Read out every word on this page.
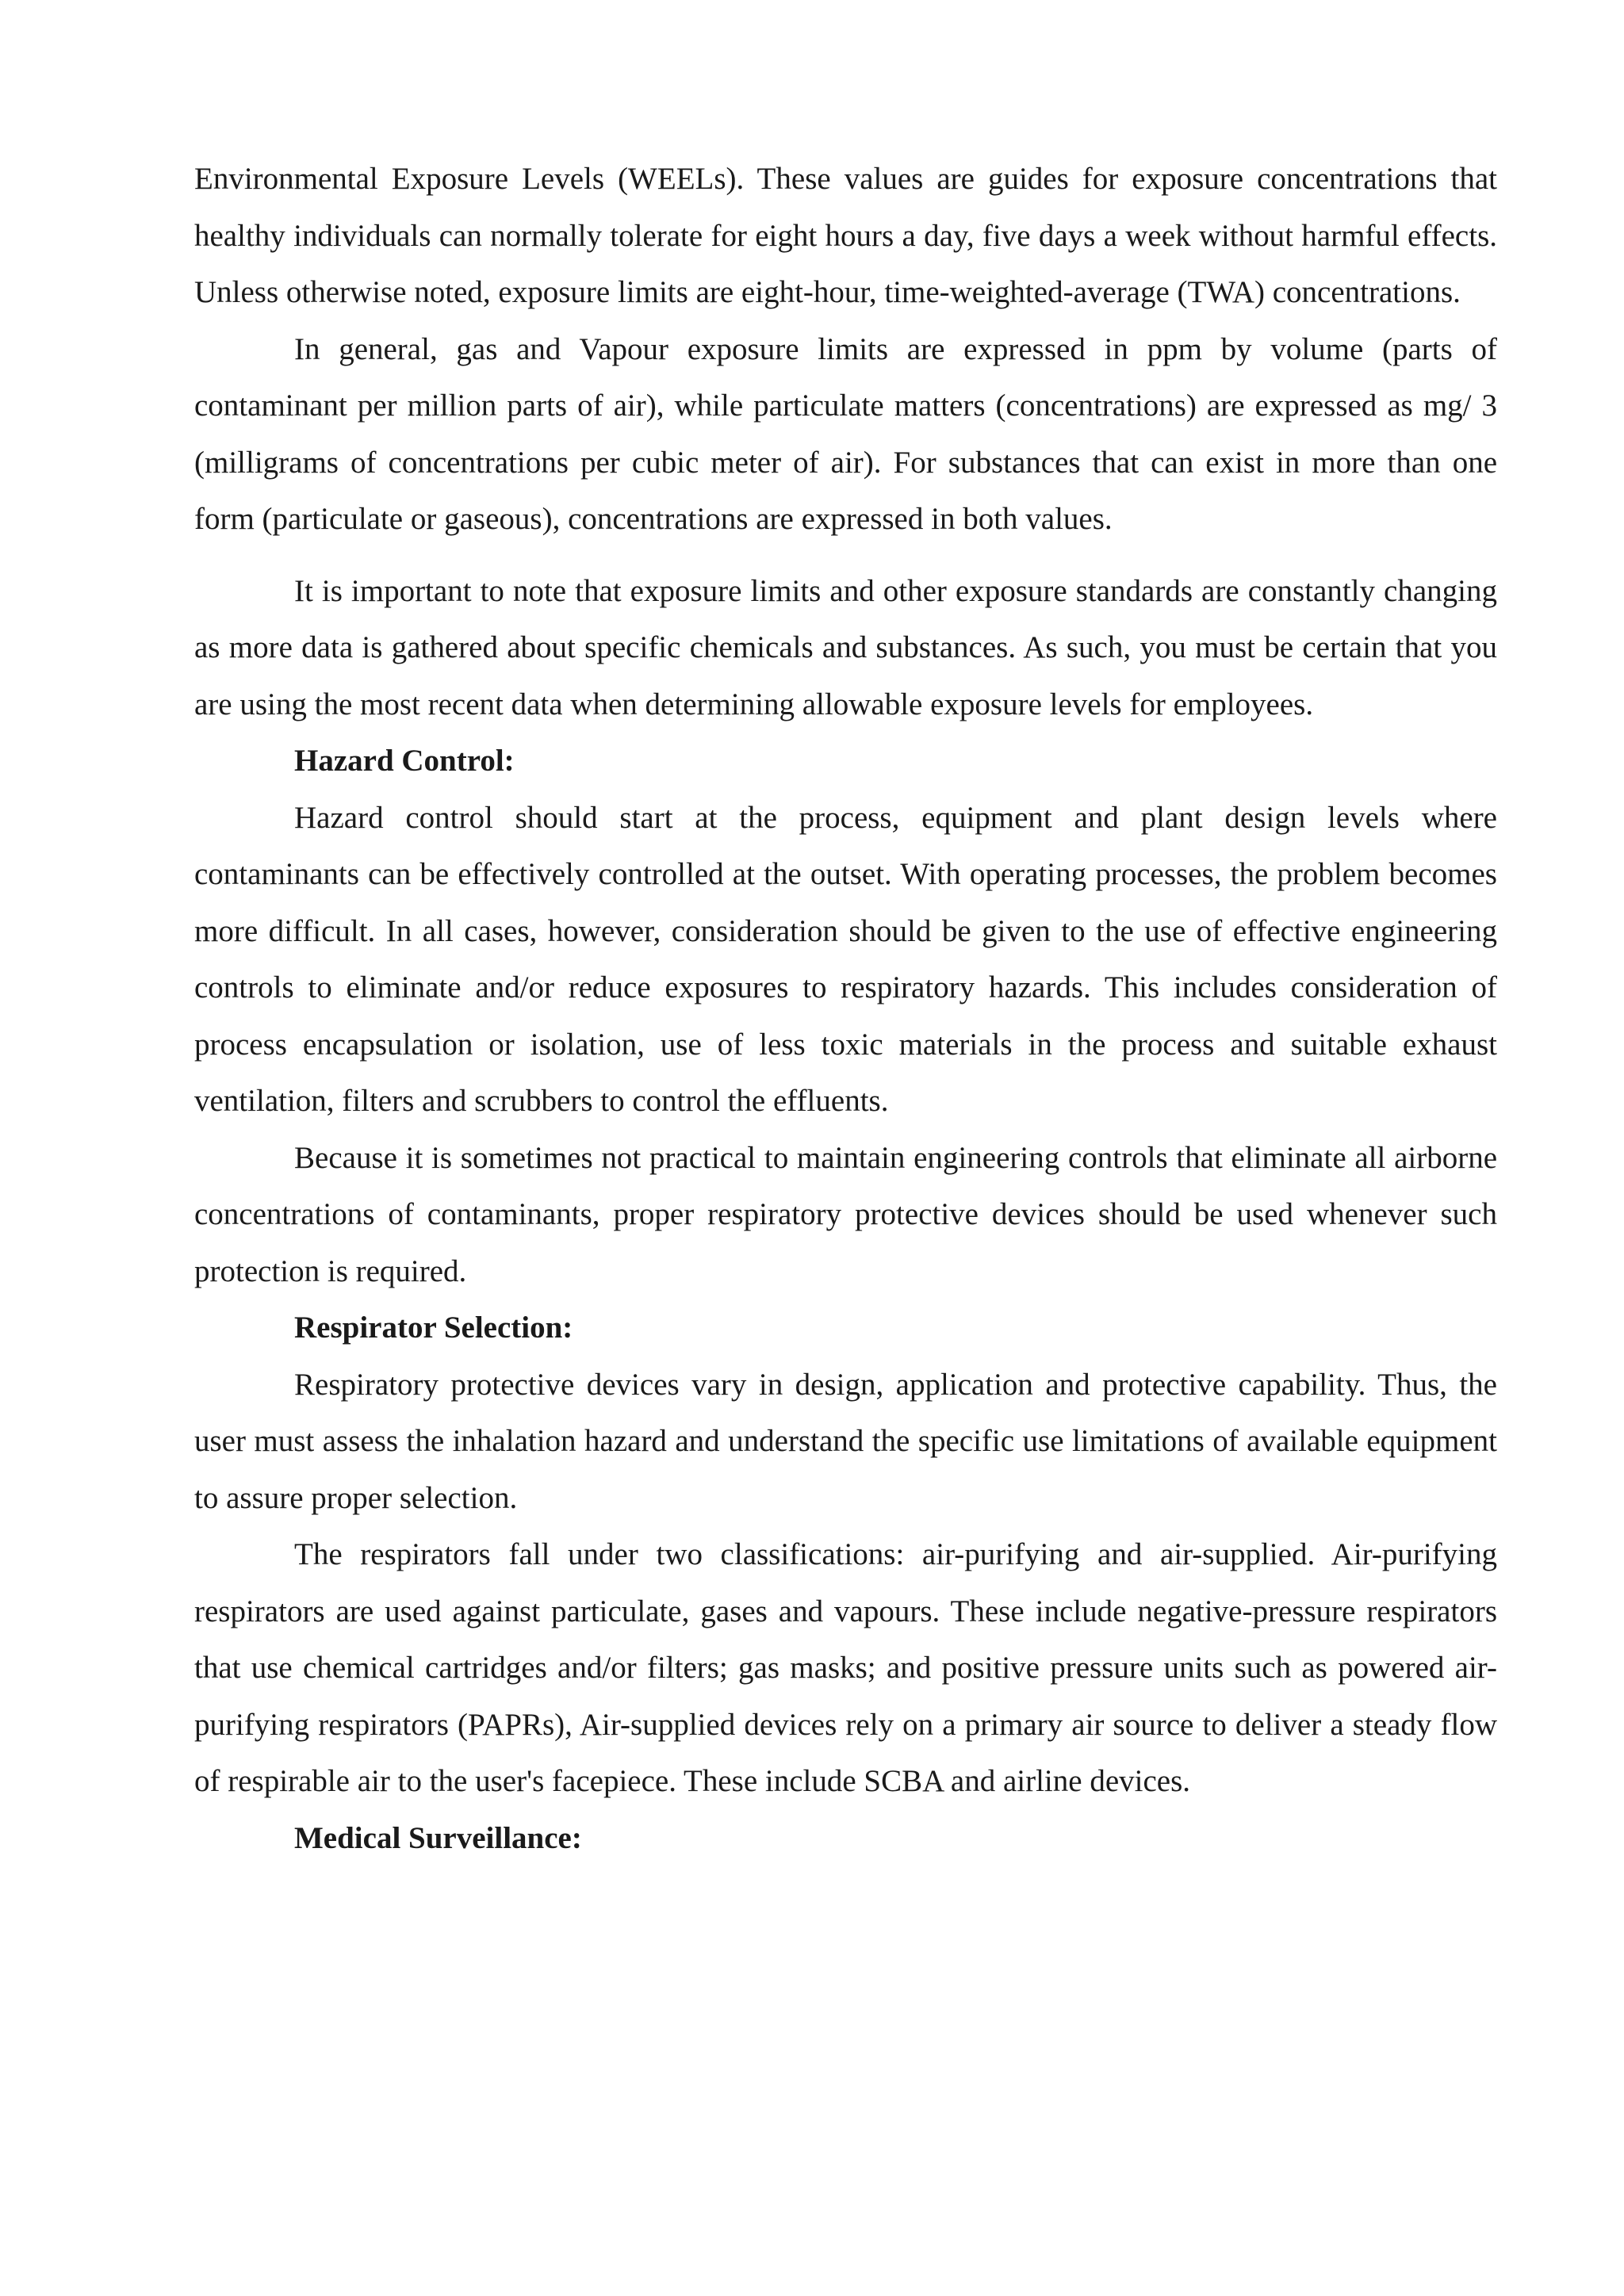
Environmental Exposure Levels (WEELs). These values are guides for exposure concentrations that healthy individuals can normally tolerate for eight hours a day, five days a week without harmful effects. Unless otherwise noted, exposure limits are eight-hour, time-weighted-average (TWA) concentrations.

In general, gas and Vapour exposure limits are expressed in ppm by volume (parts of contaminant per million parts of air), while particulate matters (concentrations) are expressed as mg/ 3 (milligrams of concentrations per cubic meter of air). For substances that can exist in more than one form (particulate or gaseous), concentrations are expressed in both values.

It is important to note that exposure limits and other exposure standards are constantly changing as more data is gathered about specific chemicals and substances. As such, you must be certain that you are using the most recent data when determining allowable exposure levels for employees.

Hazard Control:

Hazard control should start at the process, equipment and plant design levels where contaminants can be effectively controlled at the outset. With operating processes, the problem becomes more difficult. In all cases, however, consideration should be given to the use of effective engineering controls to eliminate and/or reduce exposures to respiratory hazards. This includes consideration of process encapsulation or isolation, use of less toxic materials in the process and suitable exhaust ventilation, filters and scrubbers to control the effluents.

Because it is sometimes not practical to maintain engineering controls that eliminate all airborne concentrations of contaminants, proper respiratory protective devices should be used whenever such protection is required.

Respirator Selection:

Respiratory protective devices vary in design, application and protective capability. Thus, the user must assess the inhalation hazard and understand the specific use limitations of available equipment to assure proper selection.

The respirators fall under two classifications: air-purifying and air-supplied. Air-purifying respirators are used against particulate, gases and vapours. These include negative-pressure respirators that use chemical cartridges and/or filters; gas masks; and positive pressure units such as powered air-purifying respirators (PAPRs), Air-supplied devices rely on a primary air source to deliver a steady flow of respirable air to the user's facepiece. These include SCBA and airline devices.

Medical Surveillance:
